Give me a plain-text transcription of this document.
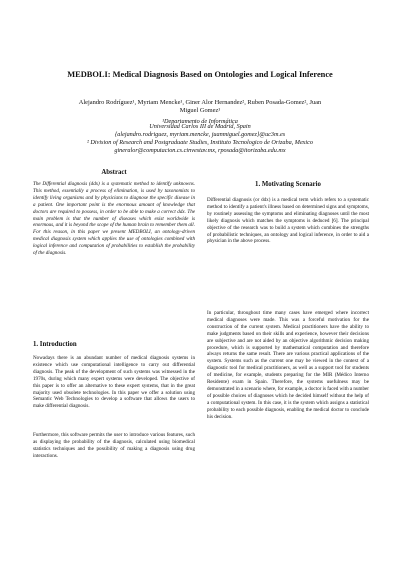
MEDBOLI: Medical Diagnosis Based on Ontologies and Logical Inference
Alejandro Rodríguez¹, Myriam Mencke¹, Giner Alor Hernandez², Ruben Posada-Gomez², Juan
Miguel Gomez¹
¹Departamento de Informática
Universidad Carlos III de Madrid, Spain
{alejandro.rodriguez, myriam.mencke, juanmiguel.gomez}@uc3m.es
² Division of Research and Postgraduate Studies, Instituto Tecnologico de Orizaba, Mexico
gineralor@computacion.cs.cinvestav.mx, rposada@itorizaba.edu.mx
Abstract
The Differential diagnosis (ddx) is a systematic method to identify unknowns. This method, essentially a process of elimination, is used by taxonomists to identify living organisms and by physicians to diagnose the specific disease in a patient. One important point is the enormous amount of knowledge that doctors are required to possess, in order to be able to make a correct ddx. The main problem is that the number of diseases which exist worldwide is enormous, and it is beyond the scope of the human brain to remember them all. For this reason, in this paper we present MEDBOLI, an ontology-driven medical diagnosis system which applies the use of ontologies combined with logical inference and computation of probabilities to establish the probability of the diagnosis.
1. Introduction
Nowadays there is an abundant number of medical diagnosis systems in existence which use computational intelligence to carry out differential diagnosis. The peak of the development of such systems was witnessed in the 1970s, during which many expert systems were developed. The objective of this paper is to offer an alternative to these expert systems, that in the great majority used obsolete technologies. In this paper we offer a solution using Semantic Web Technologies to develop a software that allows the users to make differential diagnosis.
Furthermore, this software permits the user to introduce various features, such as displaying the probability of the diagnosis, calculated using biomedical statistics techniques and the possibility of making a diagnosis using drug interactions.
1. Motivating Scenario
Differential diagnosis (or ddx) is a medical term which refers to a systematic method to identify a patient's illness based on determined signs and symptoms, by routinely assessing the symptoms and eliminating diagnoses until the most likely diagnosis which matches the symptoms is deduced [6]. The principal objective of the research was to build a system which combines the strengths of probabilistic techniques, an ontology and logical inference, in order to aid a physician in the above process.
In particular, throughout time many cases have emerged where incorrect medical diagnoses were made. This was a forceful motivation for the construction of the current system. Medical practitioners have the ability to make judgments based on their skills and experience, however their decisions are subjective and are not aided by an objective algorithmic decision making procedure, which is supported by mathematical computation and therefore always returns the same result. There are various practical applications of the system. Systems such as the current one may be viewed in the context of a diagnostic tool for medical practitioners, as well as a support tool for students of medicine, for example, students preparing for the MIR (Médico Interno Residente) exam in Spain. Therefore, the systems usefulness may be demonstrated in a scenario where, for example, a doctor is faced with a number of possible choices of diagnoses which he decided himself without the help of a computational system. In this case, it is the system which assigns a statistical probability to each possible diagnosis, enabling the medical doctor to conclude his decision.
